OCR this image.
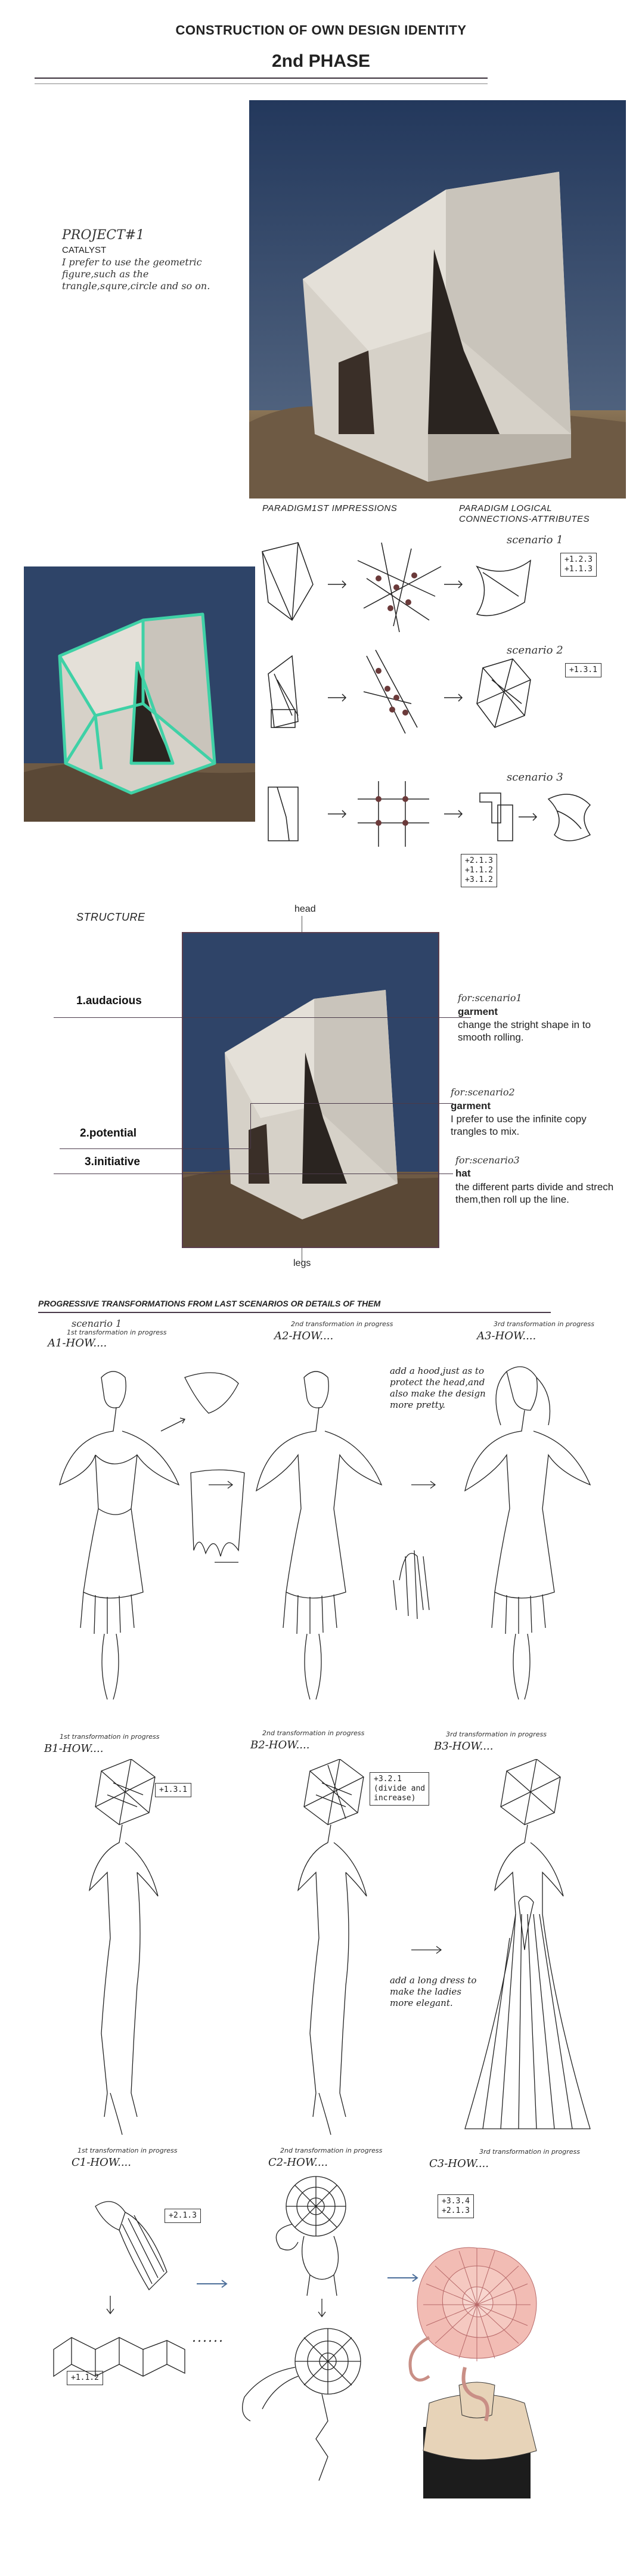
CONSTRUCTION OF OWN DESIGN IDENTITY
2nd PHASE
PROJECT#1
CATALYST
I prefer to use the geometric figure,such as the trangle,squre,circle and so on.
PARADIGM1ST IMPRESSIONS	PARADIGM LOGICAL
CONNECTIONS-ATTRIBUTES
scenario 1
scenario 2
scenario 3
+1.2.3
+1.1.3
+1.3.1
+2.1.3
+1.1.2
+3.1.2
STRUCTURE
head
1.audacious
2.potential
3.initiative
for:scenario1
garment
change the stright shape in to smooth rolling.
for:scenario2
garment
I prefer to use the infinite copy trangles to mix.
for:scenario3
hat
the different parts divide and strech them,then roll up the line.
legs
PROGRESSIVE TRANSFORMATIONS FROM LAST SCENARIOS OR DETAILS OF THEM
scenario 1
1st transformation in progress
A1-HOW....
2nd transformation in progress
A2-HOW....
3rd transformation in progress
A3-HOW....
add a hood,just as to protect the head,and also make the design more pretty.
1st transformation in progress
B1-HOW....
2nd transformation in progress
B2-HOW....
3rd transformation in progress
B3-HOW....
+1.3.1
+3.2.1
(divide and
increase)
add a long dress to make the ladies more elegant.
1st transformation in progress
C1-HOW....
2nd transformation in progress
C2-HOW....
3rd transformation in progress
C3-HOW....
+2.1.3
+1.1.2
+3.3.4
+2.1.3
......
